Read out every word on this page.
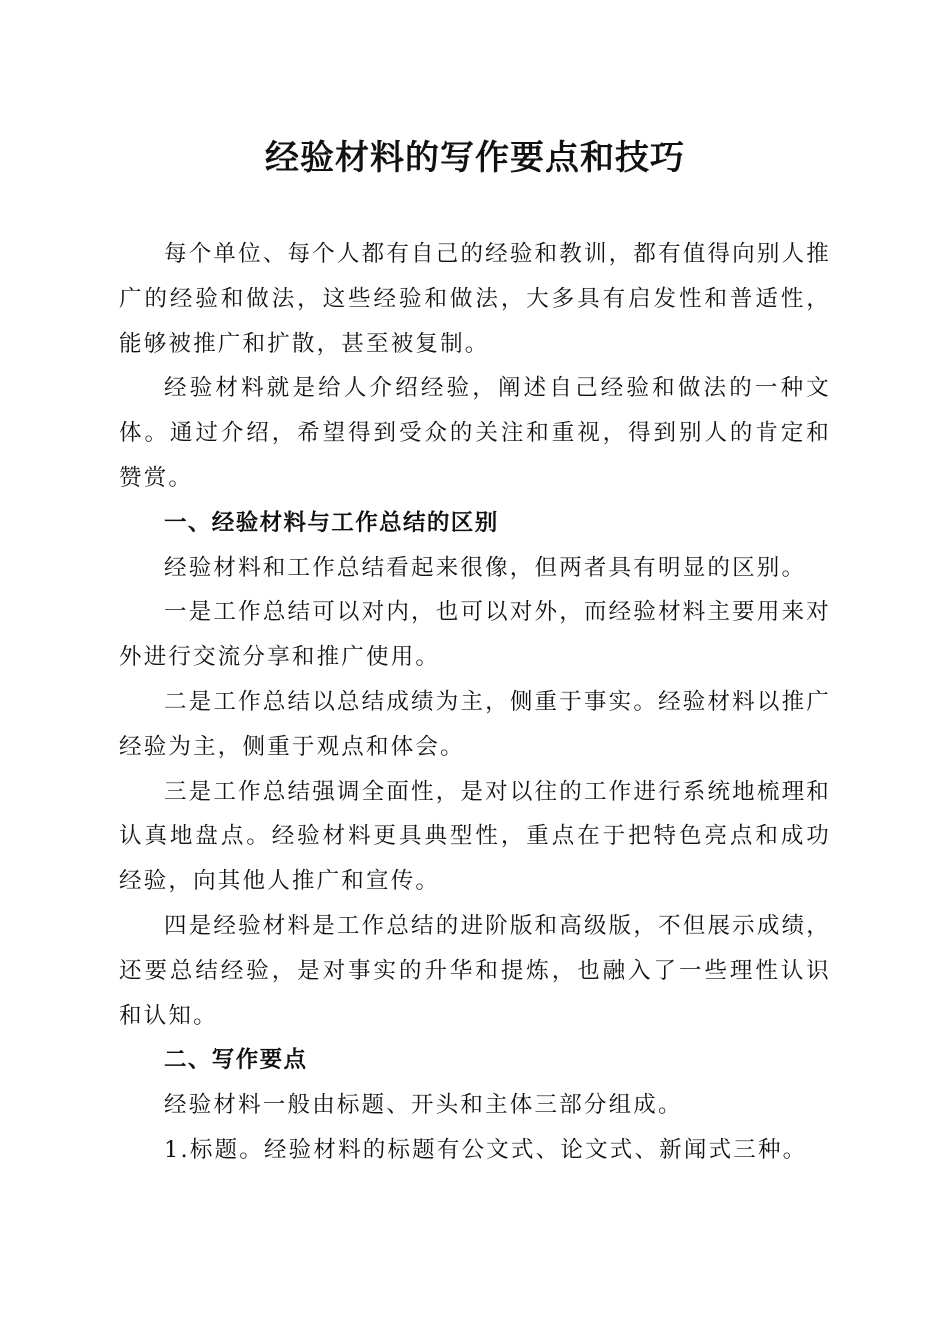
经验材料的写作要点和技巧

每个单位、每个人都有自己的经验和教训，都有值得向别人推广的经验和做法，这些经验和做法，大多具有启发性和普适性，能够被推广和扩散，甚至被复制。

经验材料就是给人介绍经验，阐述自己经验和做法的一种文体。通过介绍，希望得到受众的关注和重视，得到别人的肯定和赞赏。

一、经验材料与工作总结的区别

经验材料和工作总结看起来很像，但两者具有明显的区别。

一是工作总结可以对内，也可以对外，而经验材料主要用来对外进行交流分享和推广使用。

二是工作总结以总结成绩为主，侧重于事实。经验材料以推广经验为主，侧重于观点和体会。

三是工作总结强调全面性，是对以往的工作进行系统地梳理和认真地盘点。经验材料更具典型性，重点在于把特色亮点和成功经验，向其他人推广和宣传。

四是经验材料是工作总结的进阶版和高级版，不但展示成绩，还要总结经验，是对事实的升华和提炼，也融入了一些理性认识和认知。

二、写作要点

经验材料一般由标题、开头和主体三部分组成。

1.标题。经验材料的标题有公文式、论文式、新闻式三种。
